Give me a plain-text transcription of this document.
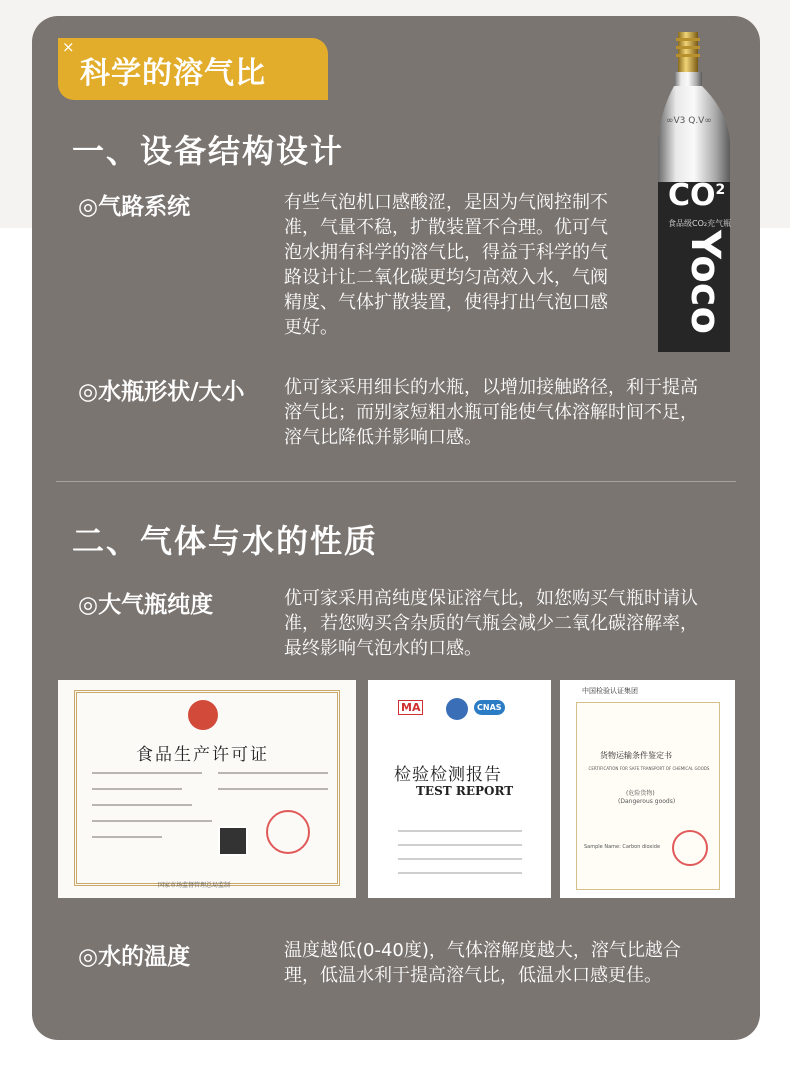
×
科学的溶气比
$CO^2$
食品级CO₂充气瓶
Yoco
∞V3 Q.V∞
一、设备结构设计
◎气路系统	有些气泡机口感酸涩，是因为气阀控制不准，气量不稳，扩散装置不合理。优可气泡水拥有科学的溶气比，得益于科学的气路设计让二氧化碳更均匀高效入水，气阀精度、气体扩散装置，使得打出气泡口感更好。
◎水瓶形状/大小 优可家采用细长的水瓶，以增加接触路径，利于提高溶气比；而别家短粗水瓶可能使气体溶解时间不足，溶气比降低并影响口感。
二、气体与水的性质
◎大气瓶纯度	优可家采用高纯度保证溶气比，如您购买气瓶时请认准，若您购买含杂质的气瓶会减少二氧化碳溶解率，最终影响气泡水的口感。
食品生产许可证
国家市场监督管理总局监制
MA	CNAS
检验检测报告
TEST REPORT
中国检验认证集团
货物运输条件鉴定书
CERTIFICATION FOR SAFE TRANSPORT OF CHEMICAL GOODS
(危险货物)
(Dangerous goods)
Sample Name: Carbon dioxide
◎水的温度	温度越低(0-40度)，气体溶解度越大，溶气比越合理，低温水利于提高溶气比，低温水口感更佳。
